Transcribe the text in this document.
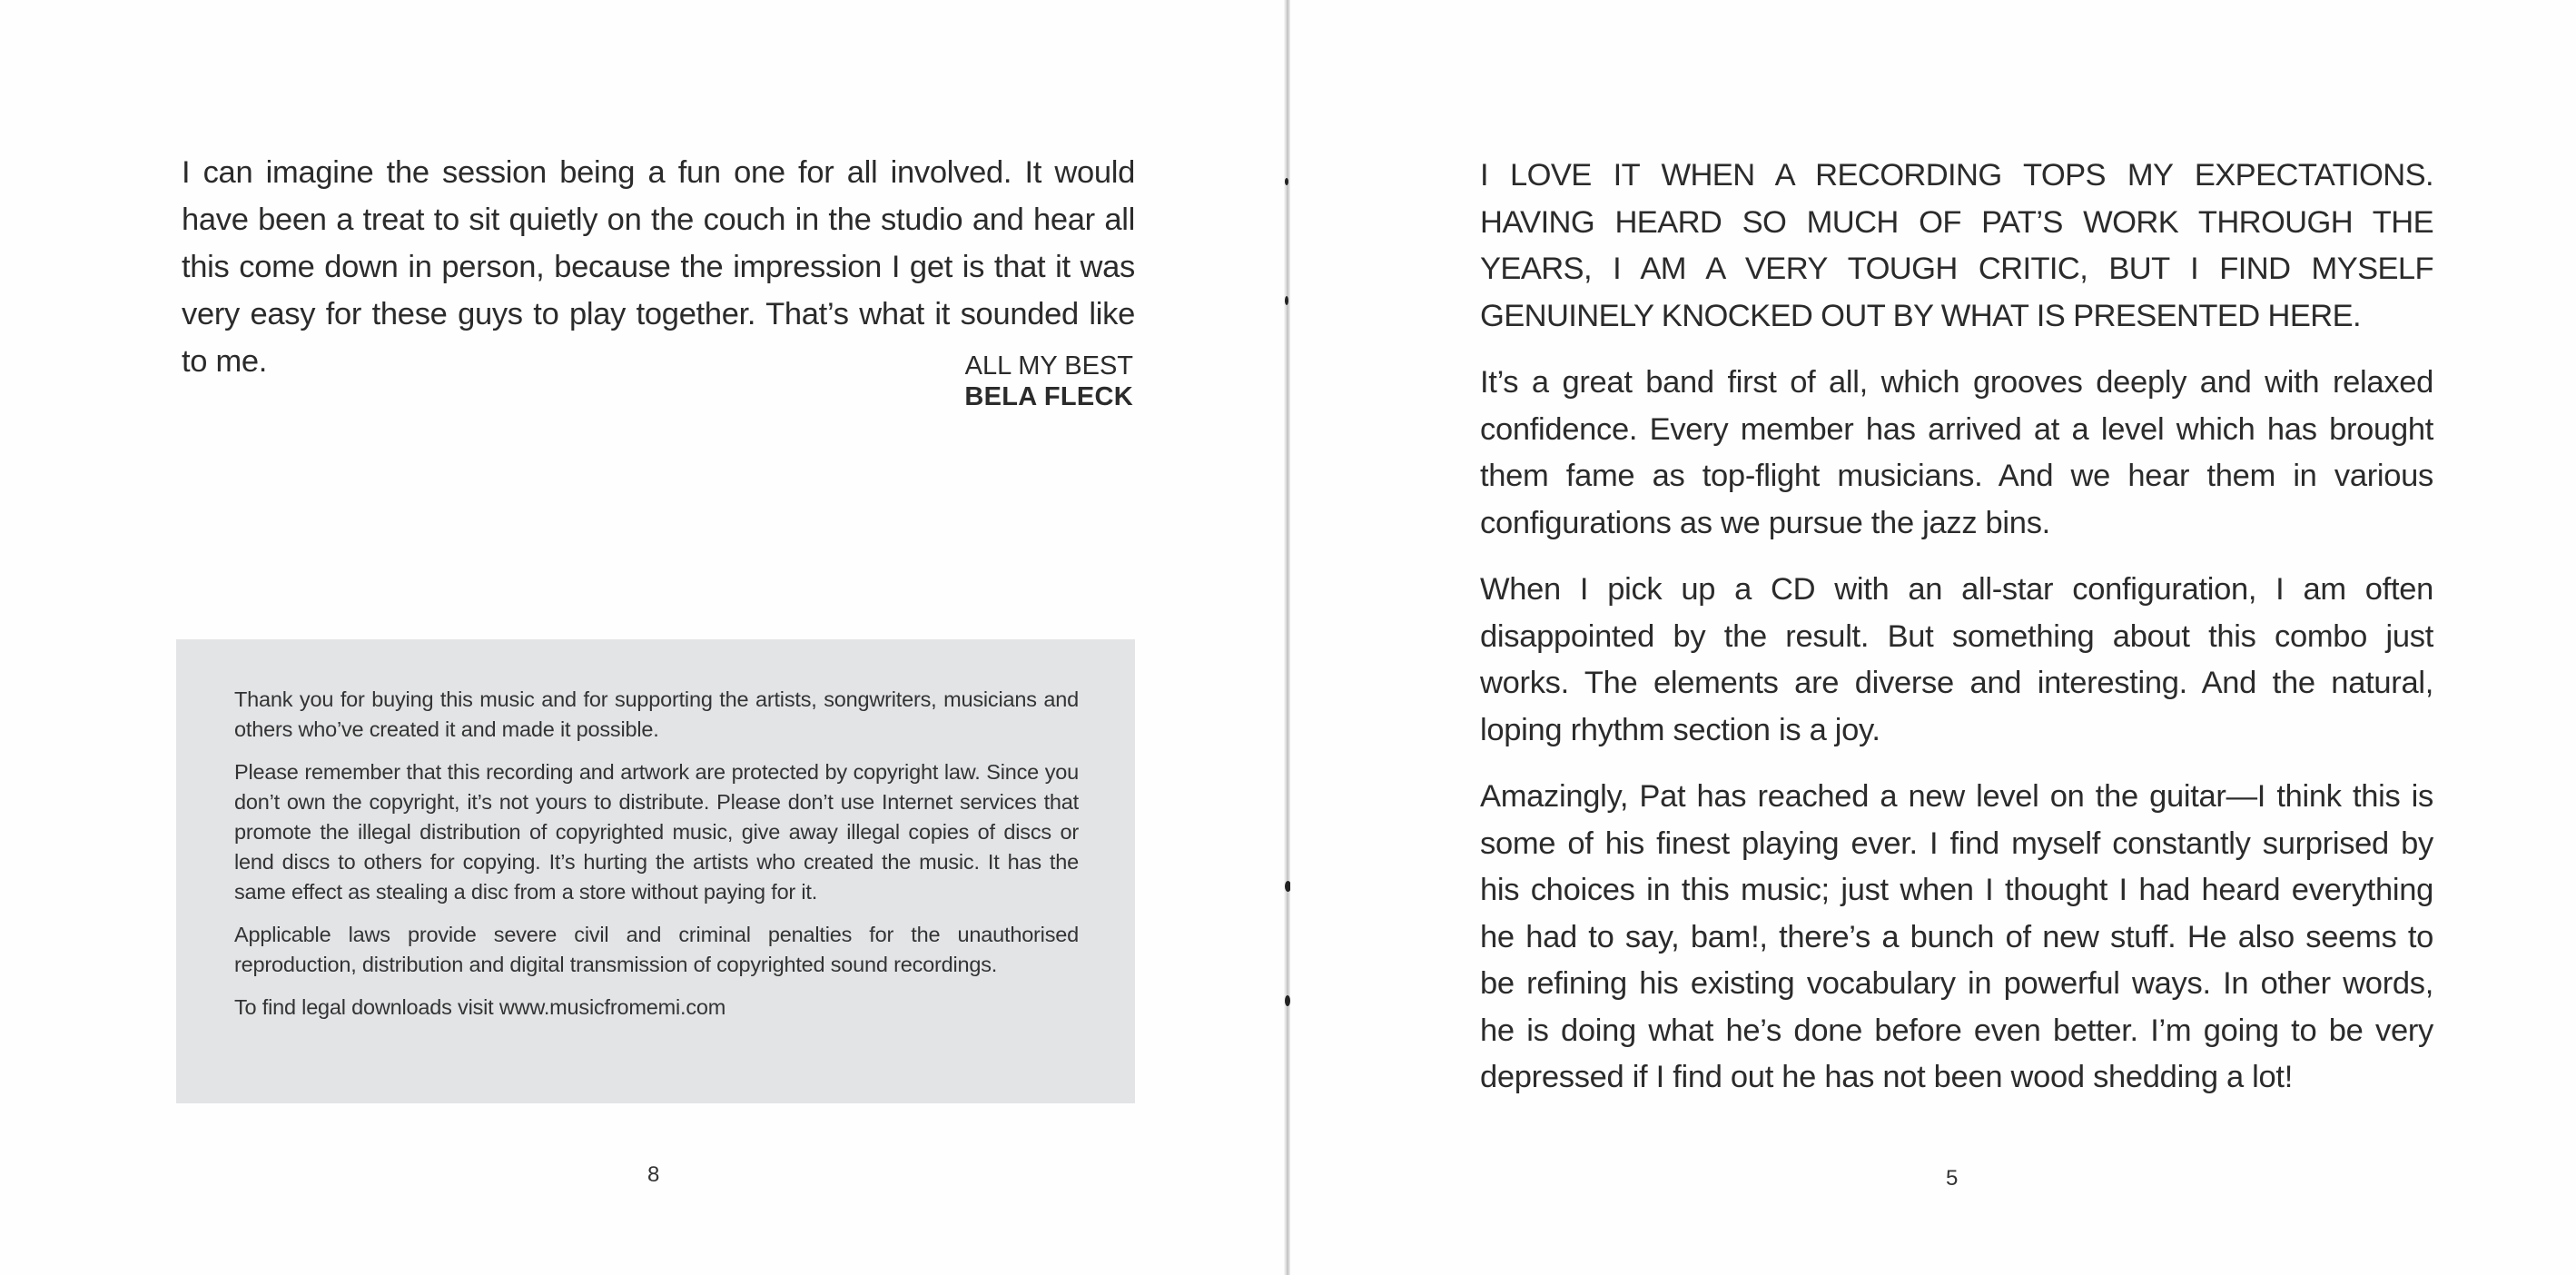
I can imagine the session being a fun one for all involved. It would have been a treat to sit quietly on the couch in the studio and hear all this come down in person, because the impression I get is that it was very easy for these guys to play together. That’s what it sounded like to me.	ALL MY BEST
BELA FLECK

Thank you for buying this music and for supporting the artists, songwriters, musicians and others who’ve created it and made it possible.

Please remember that this recording and artwork are protected by copyright law. Since you don’t own the copyright, it’s not yours to distribute. Please don’t use Internet services that promote the illegal distribution of copyrighted music, give away illegal copies of discs or lend discs to others for copying. It’s hurting the artists who created the music. It has the same effect as stealing a disc from a store without paying for it.

Applicable laws provide severe civil and criminal penalties for the unauthorised reproduction, distribution and digital transmission of copyrighted sound recordings.

To find legal downloads visit www.musicfromemi.com

8

I LOVE IT WHEN A RECORDING TOPS MY EXPECTATIONS. HAVING HEARD SO MUCH OF PAT’S WORK THROUGH THE YEARS, I AM A VERY TOUGH CRITIC, BUT I FIND MYSELF GENUINELY KNOCKED OUT BY WHAT IS PRESENTED HERE.

It’s a great band first of all, which grooves deeply and with relaxed confidence. Every member has arrived at a level which has brought them fame as top-flight musicians. And we hear them in various configurations as we pursue the jazz bins.

When I pick up a CD with an all-star configuration, I am often disappointed by the result. But something about this combo just works. The elements are diverse and interesting. And the natural, loping rhythm section is a joy.

Amazingly, Pat has reached a new level on the guitar—I think this is some of his finest playing ever. I find myself constantly surprised by his choices in this music; just when I thought I had heard everything he had to say, bam!, there’s a bunch of new stuff. He also seems to be refining his existing vocabulary in powerful ways. In other words, he is doing what he’s done before even better. I’m going to be very depressed if I find out he has not been wood shedding a lot!

5
